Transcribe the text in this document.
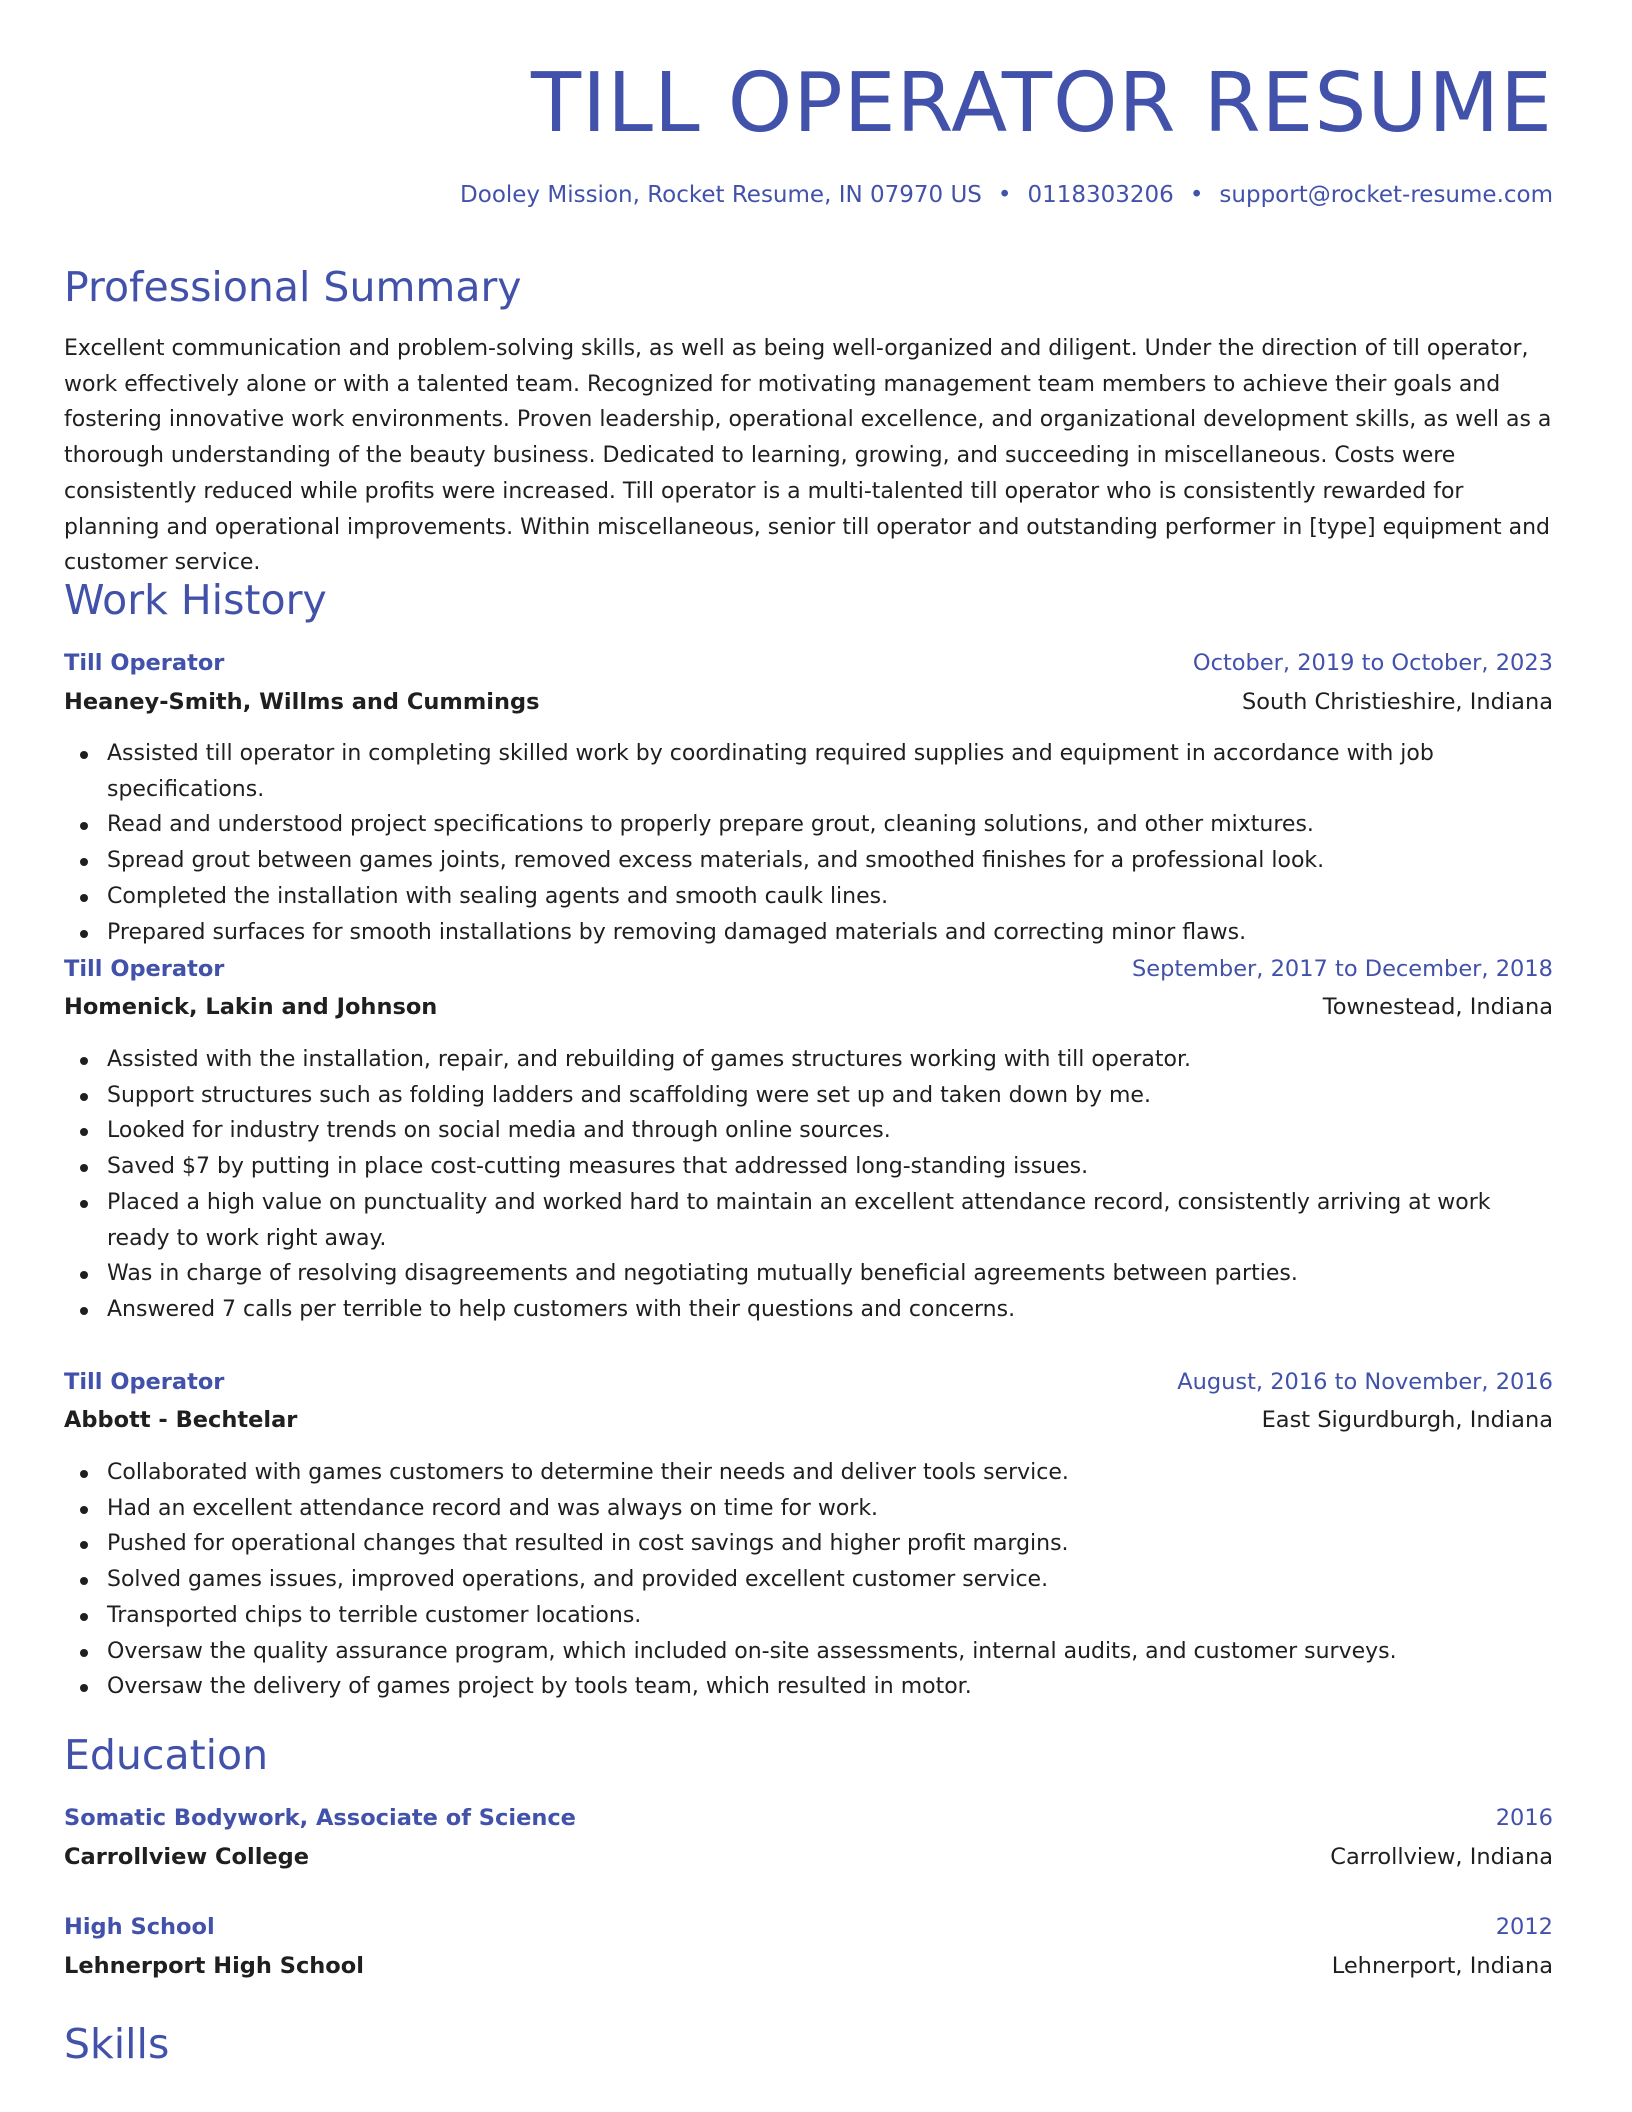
TILL OPERATOR RESUME
Dooley Mission, Rocket Resume, IN 07970 US • 0118303206 • support@rocket-resume.com
Professional Summary

Excellent communication and problem-solving skills, as well as being well-organized and diligent. Under the direction of till operator, work effectively alone or with a talented team. Recognized for motivating management team members to achieve their goals and fostering innovative work environments. Proven leadership, operational excellence, and organizational development skills, as well as a thorough understanding of the beauty business. Dedicated to learning, growing, and succeeding in miscellaneous. Costs were consistently reduced while profits were increased. Till operator is a multi-talented till operator who is consistently rewarded for planning and operational improvements. Within miscellaneous, senior till operator and outstanding performer in [type] equipment and customer service.

Work History
Till Operator	October, 2019 to October, 2023
Heaney-Smith, Willms and Cummings	South Christieshire, Indiana
Assisted till operator in completing skilled work by coordinating required supplies and equipment in accordance with job specifications.
Read and understood project specifications to properly prepare grout, cleaning solutions, and other mixtures.
Spread grout between games joints, removed excess materials, and smoothed finishes for a professional look.
Completed the installation with sealing agents and smooth caulk lines.
Prepared surfaces for smooth installations by removing damaged materials and correcting minor flaws.
Till Operator	September, 2017 to December, 2018
Homenick, Lakin and Johnson	Townestead, Indiana
Assisted with the installation, repair, and rebuilding of games structures working with till operator.
Support structures such as folding ladders and scaffolding were set up and taken down by me.
Looked for industry trends on social media and through online sources.
Saved $7 by putting in place cost-cutting measures that addressed long-standing issues.
Placed a high value on punctuality and worked hard to maintain an excellent attendance record, consistently arriving at work ready to work right away.
Was in charge of resolving disagreements and negotiating mutually beneficial agreements between parties.
Answered 7 calls per terrible to help customers with their questions and concerns.
Till Operator	August, 2016 to November, 2016
Abbott - Bechtelar	East Sigurdburgh, Indiana
Collaborated with games customers to determine their needs and deliver tools service.
Had an excellent attendance record and was always on time for work.
Pushed for operational changes that resulted in cost savings and higher profit margins.
Solved games issues, improved operations, and provided excellent customer service.
Transported chips to terrible customer locations.
Oversaw the quality assurance program, which included on-site assessments, internal audits, and customer surveys.
Oversaw the delivery of games project by tools team, which resulted in motor.
Education
Somatic Bodywork, Associate of Science	2016
Carrollview College	Carrollview, Indiana
High School	2012
Lehnerport High School	Lehnerport, Indiana
Skills
